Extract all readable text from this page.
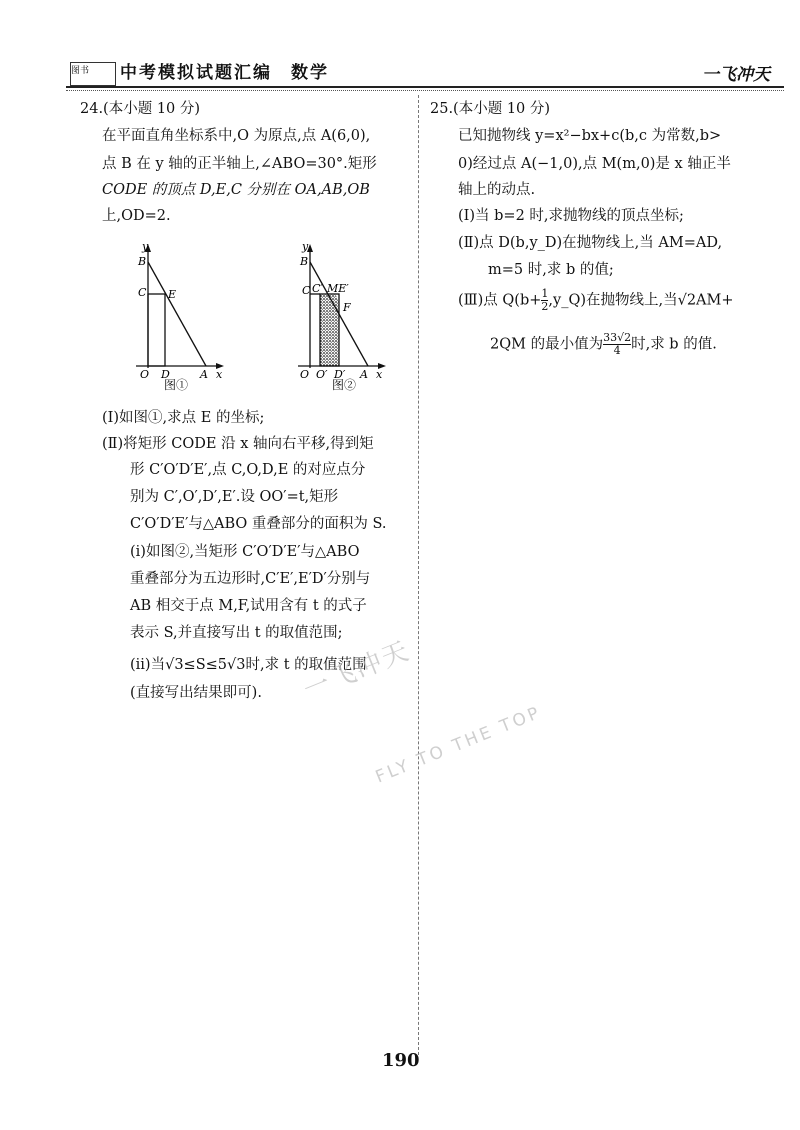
图书	中考模拟试题汇编　数学	一飞冲天
24.(本小题 10 分)
在平面直角坐标系中,O 为原点,点 A(6,0),
点 B 在 y 轴的正半轴上,∠ABO=30°.矩形
CODE 的顶点 D,E,C 分别在 OA,AB,OB
上,OD=2.
y
x
B
C E
O D	A
图①
y
x
B
C C′ ME′
F
O O′ D′ A
图②
(Ⅰ)如图①,求点 E 的坐标;
(Ⅱ)将矩形 CODE 沿 x 轴向右平移,得到矩
形 C′O′D′E′,点 C,O,D,E 的对应点分
别为 C′,O′,D′,E′.设 OO′=t,矩形
C′O′D′E′与△ABO 重叠部分的面积为 S.
(ⅰ)如图②,当矩形 C′O′D′E′与△ABO
重叠部分为五边形时,C′E′,E′D′分别与
AB 相交于点 M,F,试用含有 t 的式子
表示 S,并直接写出 t 的取值范围;
(ⅱ)当√3≤S≤5√3时,求 t 的取值范围
(直接写出结果即可).
25.(本小题 10 分)
已知抛物线 y=x²−bx+c(b,c 为常数,b>
0)经过点 A(−1,0),点 M(m,0)是 x 轴正半
轴上的动点.
(Ⅰ)当 b=2 时,求抛物线的顶点坐标;
(Ⅱ)点 D(b,y_D)在抛物线上,当 AM=AD,
m=5 时,求 b 的值;
(Ⅲ)点 $Q(b+ \frac{1}{2}$ ,y_Q)在抛物线上,当√2AM+
2QM 的最小值为 $\frac{33√2}{4}$ 时,求 b 的值.
一飞冲天
FLY TO THE TOP
190
